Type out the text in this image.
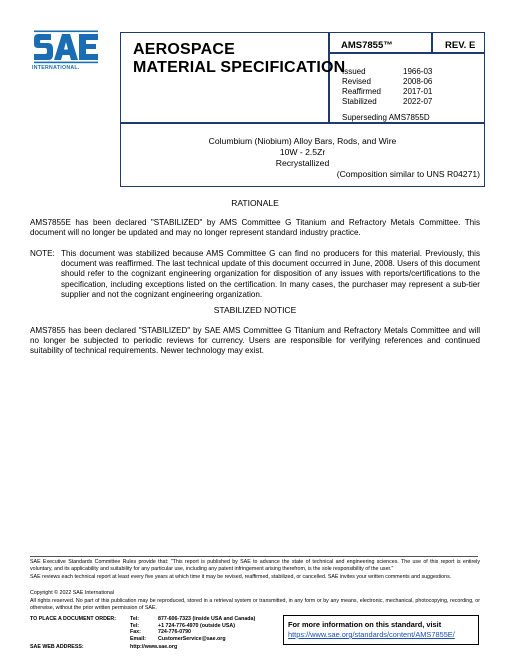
INTERNATIONAL.
AEROSPACE
MATERIAL SPECIFICATION
AMS7855™	REV. E
Issued	1966-03
Revised	2008-06
Reaffirmed	2017-01
Stabilized	2022-07
Superseding AMS7855D
Columbium (Niobium) Alloy Bars, Rods, and Wire
10W - 2.5Zr
Recrystallized
(Composition similar to UNS R04271)
RATIONALE
AMS7855E has been declared "STABILIZED" by AMS Committee G Titanium and Refractory Metals Committee. This document will no longer be updated and may no longer represent standard industry practice.
NOTE: This document was stabilized because AMS Committee G can find no producers for this material. Previously, this document was reaffirmed. The last technical update of this document occurred in June, 2008. Users of this document should refer to the cognizant engineering organization for disposition of any issues with reports/certifications to the specification, including exceptions listed on the certification. In many cases, the purchaser may represent a sub-tier supplier and not the cognizant engineering organization.
STABILIZED NOTICE
AMS7855 has been declared "STABILIZED" by SAE AMS Committee G Titanium and Refractory Metals Committee and will no longer be subjected to periodic reviews for currency. Users are responsible for verifying references and continued suitability of technical requirements. Newer technology may exist.
SAE Executive Standards Committee Rules provide that: "This report is published by SAE to advance the state of technical and engineering sciences. The use of this report is entirely voluntary, and its applicability and suitability for any particular use, including any patent infringement arising therefrom, is the sole responsibility of the user."
SAE reviews each technical report at least every five years at which time it may be revised, reaffirmed, stabilized, or cancelled. SAE invites your written comments and suggestions.
Copyright © 2022 SAE International
All rights reserved. No part of this publication may be reproduced, stored in a retrieval system or transmitted, in any form or by any means, electronic, mechanical, photocopying, recording, or otherwise, without the prior written permission of SAE.
TO PLACE A DOCUMENT ORDER:	Tel:	877-606-7323 (inside USA and Canada)
Tel:	+1 724-776-4970 (outside USA)
Fax:	724-776-0790
Email: CustomerService@sae.org
SAE WEB ADDRESS:	http://www.sae.org
For more information on this standard, visit
https://www.sae.org/standards/content/AMS7855E/
